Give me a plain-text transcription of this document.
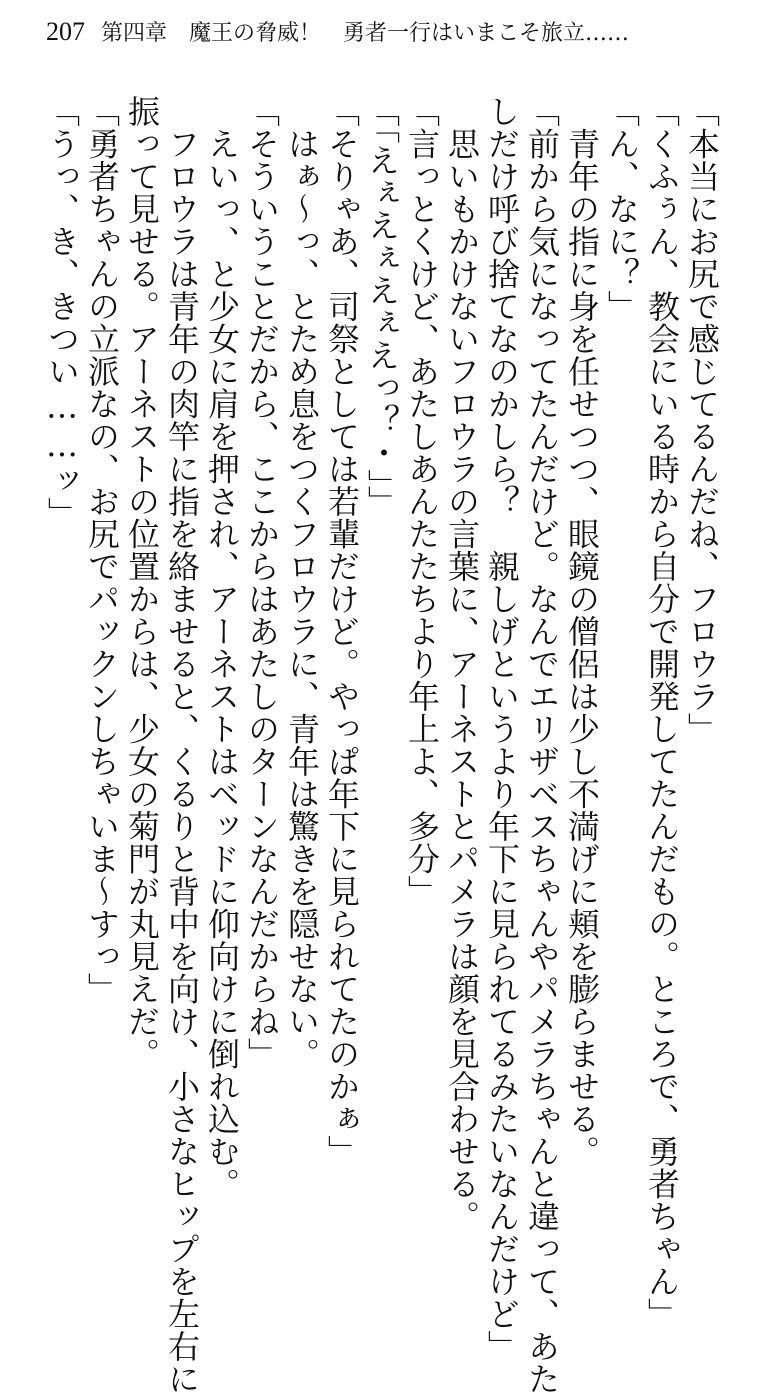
207 第四章　魔王の脅威！　勇者一行はいまこそ旅立……
「本当にお尻で感じてるんだね、フロウラ」
「くふぅん、教会にいる時から自分で開発してたんだもの。ところで、勇者ちゃん」
「ん、なに？」
　青年の指に身を任せつつ、眼鏡の僧侶は少し不満げに頬を膨らませる。
「前から気になってたんだけど。なんでエリザベスちゃんやパメラちゃんと違って、あた
しだけ呼び捨てなのかしら？　親しげというより年下に見られてるみたいなんだけど」
　思いもかけないフロウラの言葉に、アーネストとパメラは顔を見合わせる。
「言っとくけど、あたしあんたたちより年上よ、多分」
「「えぇえぇえぇえっ？・」」
「そりゃあ、司祭としては若輩だけど。やっぱ年下に見られてたのかぁ」
　はぁ～っ、とため息をつくフロウラに、青年は驚きを隠せない。
「そういうことだから、ここからはあたしのターンなんだからね」
　えいっ、と少女に肩を押され、アーネストはベッドに仰向けに倒れ込む。
　フロウラは青年の肉竿に指を絡ませると、くるりと背中を向け、小さなヒップを左右に
振って見せる。アーネストの位置からは、少女の菊門が丸見えだ。
「勇者ちゃんの立派なの、お尻でパックンしちゃいま～すっ」
「うっ、き、きつい……ッ」
